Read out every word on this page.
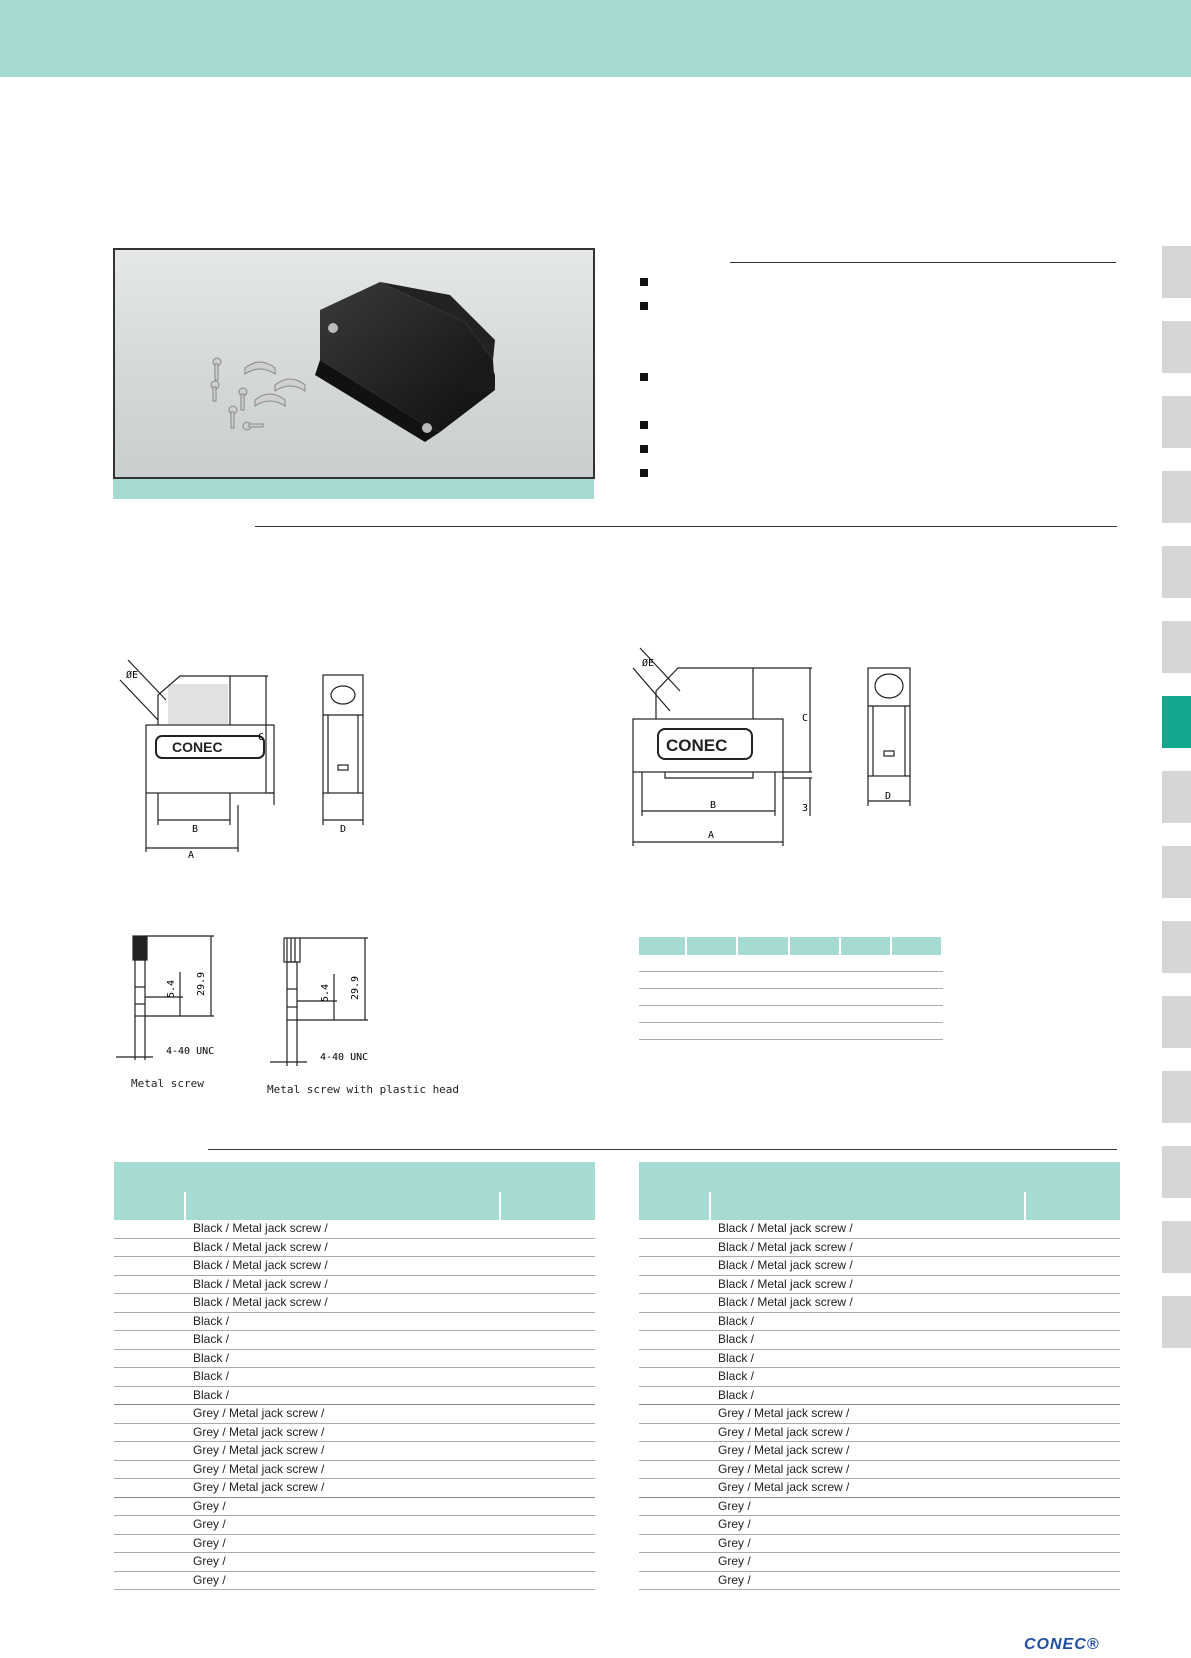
CONEC
B
A
C
D
ØE
CONEC
B
A
C
3
D
ØE
5.4 29.9
4-40 UNC
Metal screw
5.4 29.9
4-40 UNC
Metal screw with plastic head
Black / Metal jack screw /
Black / Metal jack screw /
Black / Metal jack screw /
Black / Metal jack screw /
Black / Metal jack screw /
Black /
Black /
Black /
Black /
Black /
Grey / Metal jack screw /
Grey / Metal jack screw /
Grey / Metal jack screw /
Grey / Metal jack screw /
Grey / Metal jack screw /
Grey /
Grey /
Grey /
Grey /
Grey /
Black / Metal jack screw /
Black / Metal jack screw /
Black / Metal jack screw /
Black / Metal jack screw /
Black / Metal jack screw /
Black /
Black /
Black /
Black /
Black /
Grey / Metal jack screw /
Grey / Metal jack screw /
Grey / Metal jack screw /
Grey / Metal jack screw /
Grey / Metal jack screw /
Grey /
Grey /
Grey /
Grey /
Grey /
CONEC®
